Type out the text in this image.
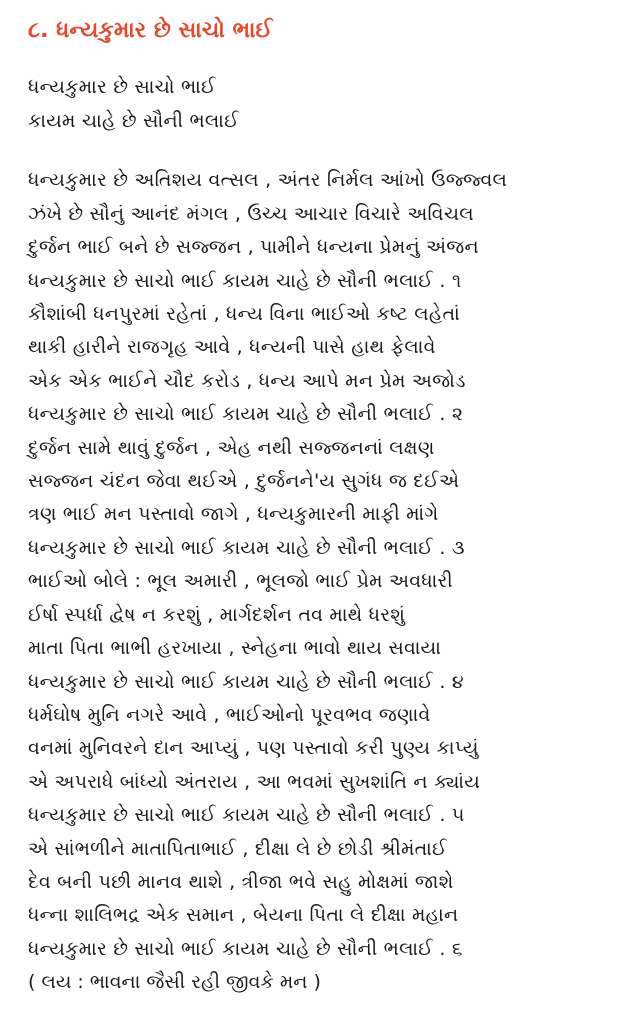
૮. ધન્યકુમાર છે સાચો ભાઈ
ધન્યકુમાર છે સાચો ભાઈ
કાયમ ચાહે છે સૌની ભલાઈ
ધન્યકુમાર છે અતિશય વત્સલ , અંતર નિર્મલ આંખો ઉજ્જ્વલ
ઝંખે છે સૌનું આનંદ મંગલ , ઉચ્ચ આચાર વિચારે અવિચલ
દુર્જન ભાઈ બને છે સજ્જન , પામીને ધન્યના પ્રેમનું અંજન
ધન્યકુમાર છે સાચો ભાઈ કાયમ ચાહે છે સૌની ભલાઈ . ૧
કૌશાંબી ધનપુરમાં રહેતાં , ધન્ય વિના ભાઈઓ કષ્ટ લહેતાં
થાકી હારીને રાજગૃહ આવે , ધન્યની પાસે હાથ ફેલાવે
એક એક ભાઈને ચૌદ કરોડ , ધન્ય આપે મન પ્રેમ અજોડ
ધન્યકુમાર છે સાચો ભાઈ કાયમ ચાહે છે સૌની ભલાઈ . ૨
દુર્જન સામે થાવું દુર્જન , એહ નથી સજ્જનનાં લક્ષણ
સજ્જન ચંદન જેવા થઈએ , દુર્જનને'ય સુગંધ જ દઈએ
ત્રણ ભાઈ મન પસ્તાવો જાગે , ધન્યકુમારની માફી માંગે
ધન્યકુમાર છે સાચો ભાઈ કાયમ ચાહે છે સૌની ભલાઈ . ૩
ભાઈઓ બોલે : ભૂલ અમારી , ભૂલજો ભાઈ પ્રેમ અવધારી
ઈર્ષા સ્પર્ધા દ્વેષ ન કરશું , માર્ગદર્શન તવ માથે ધરશું
માતા પિતા ભાભી હરખાયા , સ્નેહના ભાવો થાય સવાયા
ધન્યકુમાર છે સાચો ભાઈ કાયમ ચાહે છે સૌની ભલાઈ . ૪
ધર્મઘોષ મુનિ નગરે આવે , ભાઈઓનો પૂરવભવ જણાવે
વનમાં મુનિવરને દાન આપ્યું , પણ પસ્તાવો કરી પુણ્ય કાપ્યું
એ અપરાધે બાંધ્યો અંતરાય , આ ભવમાં સુખશાંતિ ન ક્યાંય
ધન્યકુમાર છે સાચો ભાઈ કાયમ ચાહે છે સૌની ભલાઈ . ૫
એ સાંભળીને માતાપિતાભાઈ , દીક્ષા લે છે છોડી શ્રીમંતાઈ
દેવ બની પછી માનવ થાશે , ત્રીજા ભવે સહુ મોક્ષમાં જાશે
ધન્ના શાલિભદ્ર એક સમાન , બેયના પિતા લે દીક્ષા મહાન
ધન્યકુમાર છે સાચો ભાઈ કાયમ ચાહે છે સૌની ભલાઈ . ૬
( લય : ભાવના જૈસી રહી જીવકે મન )
